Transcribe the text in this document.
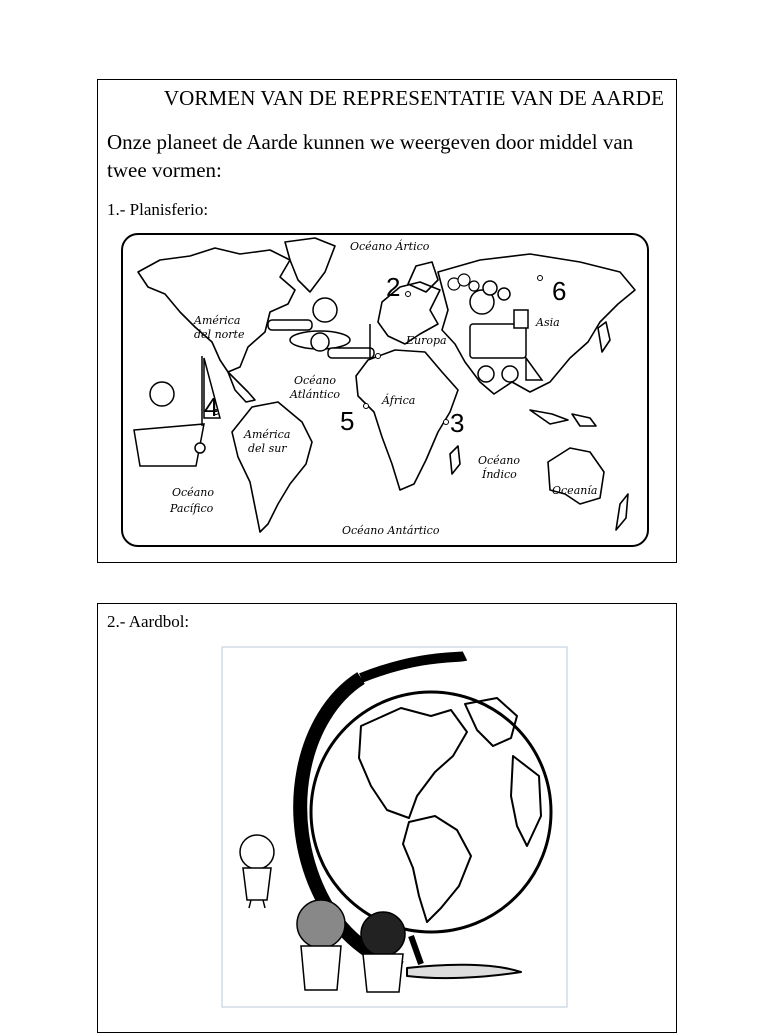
VORMEN VAN DE REPRESENTATIE VAN DE AARDE
Onze planeet de Aarde kunnen we weergeven door middel van twee vormen:
1.- Planisferio:
Océano Ártico
América
del norte
Océano
Atlántico
Europa
Asia
África
América
del sur
Océano
Índico
Oceanía
Océano
Pacífico
Océano Antártico
2	6
4	5	3
2.- Aardbol:
